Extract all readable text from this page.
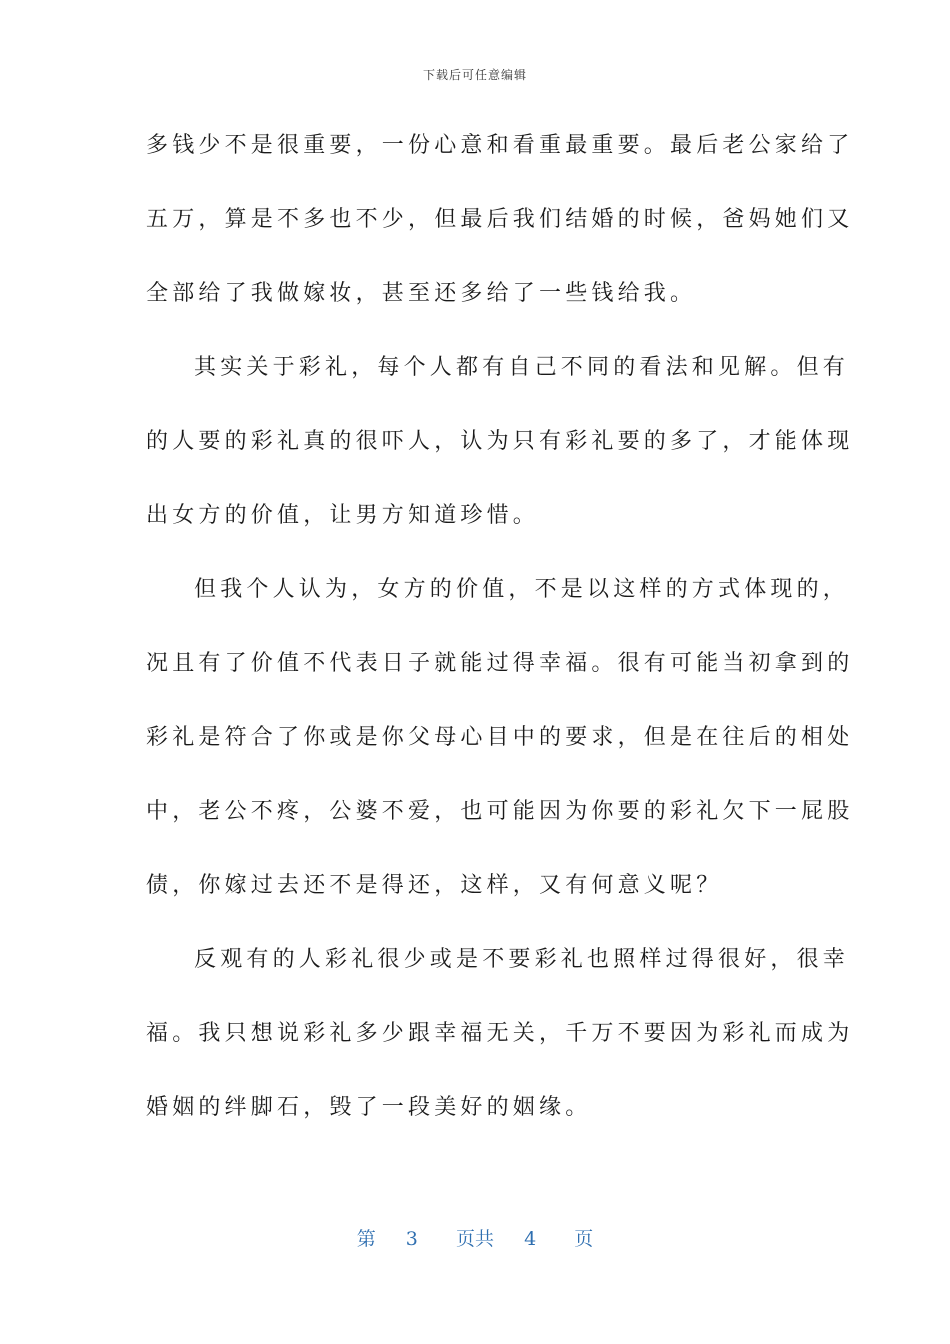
下载后可任意编辑
多钱少不是很重要，一份心意和看重最重要。最后老公家给了
五万，算是不多也不少，但最后我们结婚的时候，爸妈她们又
全部给了我做嫁妆，甚至还多给了一些钱给我。
其实关于彩礼，每个人都有自己不同的看法和见解。但有
的人要的彩礼真的很吓人，认为只有彩礼要的多了，才能体现
出女方的价值，让男方知道珍惜。
但我个人认为，女方的价值，不是以这样的方式体现的，
况且有了价值不代表日子就能过得幸福。很有可能当初拿到的
彩礼是符合了你或是你父母心目中的要求，但是在往后的相处
中，老公不疼，公婆不爱，也可能因为你要的彩礼欠下一屁股
债，你嫁过去还不是得还，这样，又有何意义呢？
反观有的人彩礼很少或是不要彩礼也照样过得很好，很幸
福。我只想说彩礼多少跟幸福无关，千万不要因为彩礼而成为
婚姻的绊脚石，毁了一段美好的姻缘。
第 3 页共 4 页
